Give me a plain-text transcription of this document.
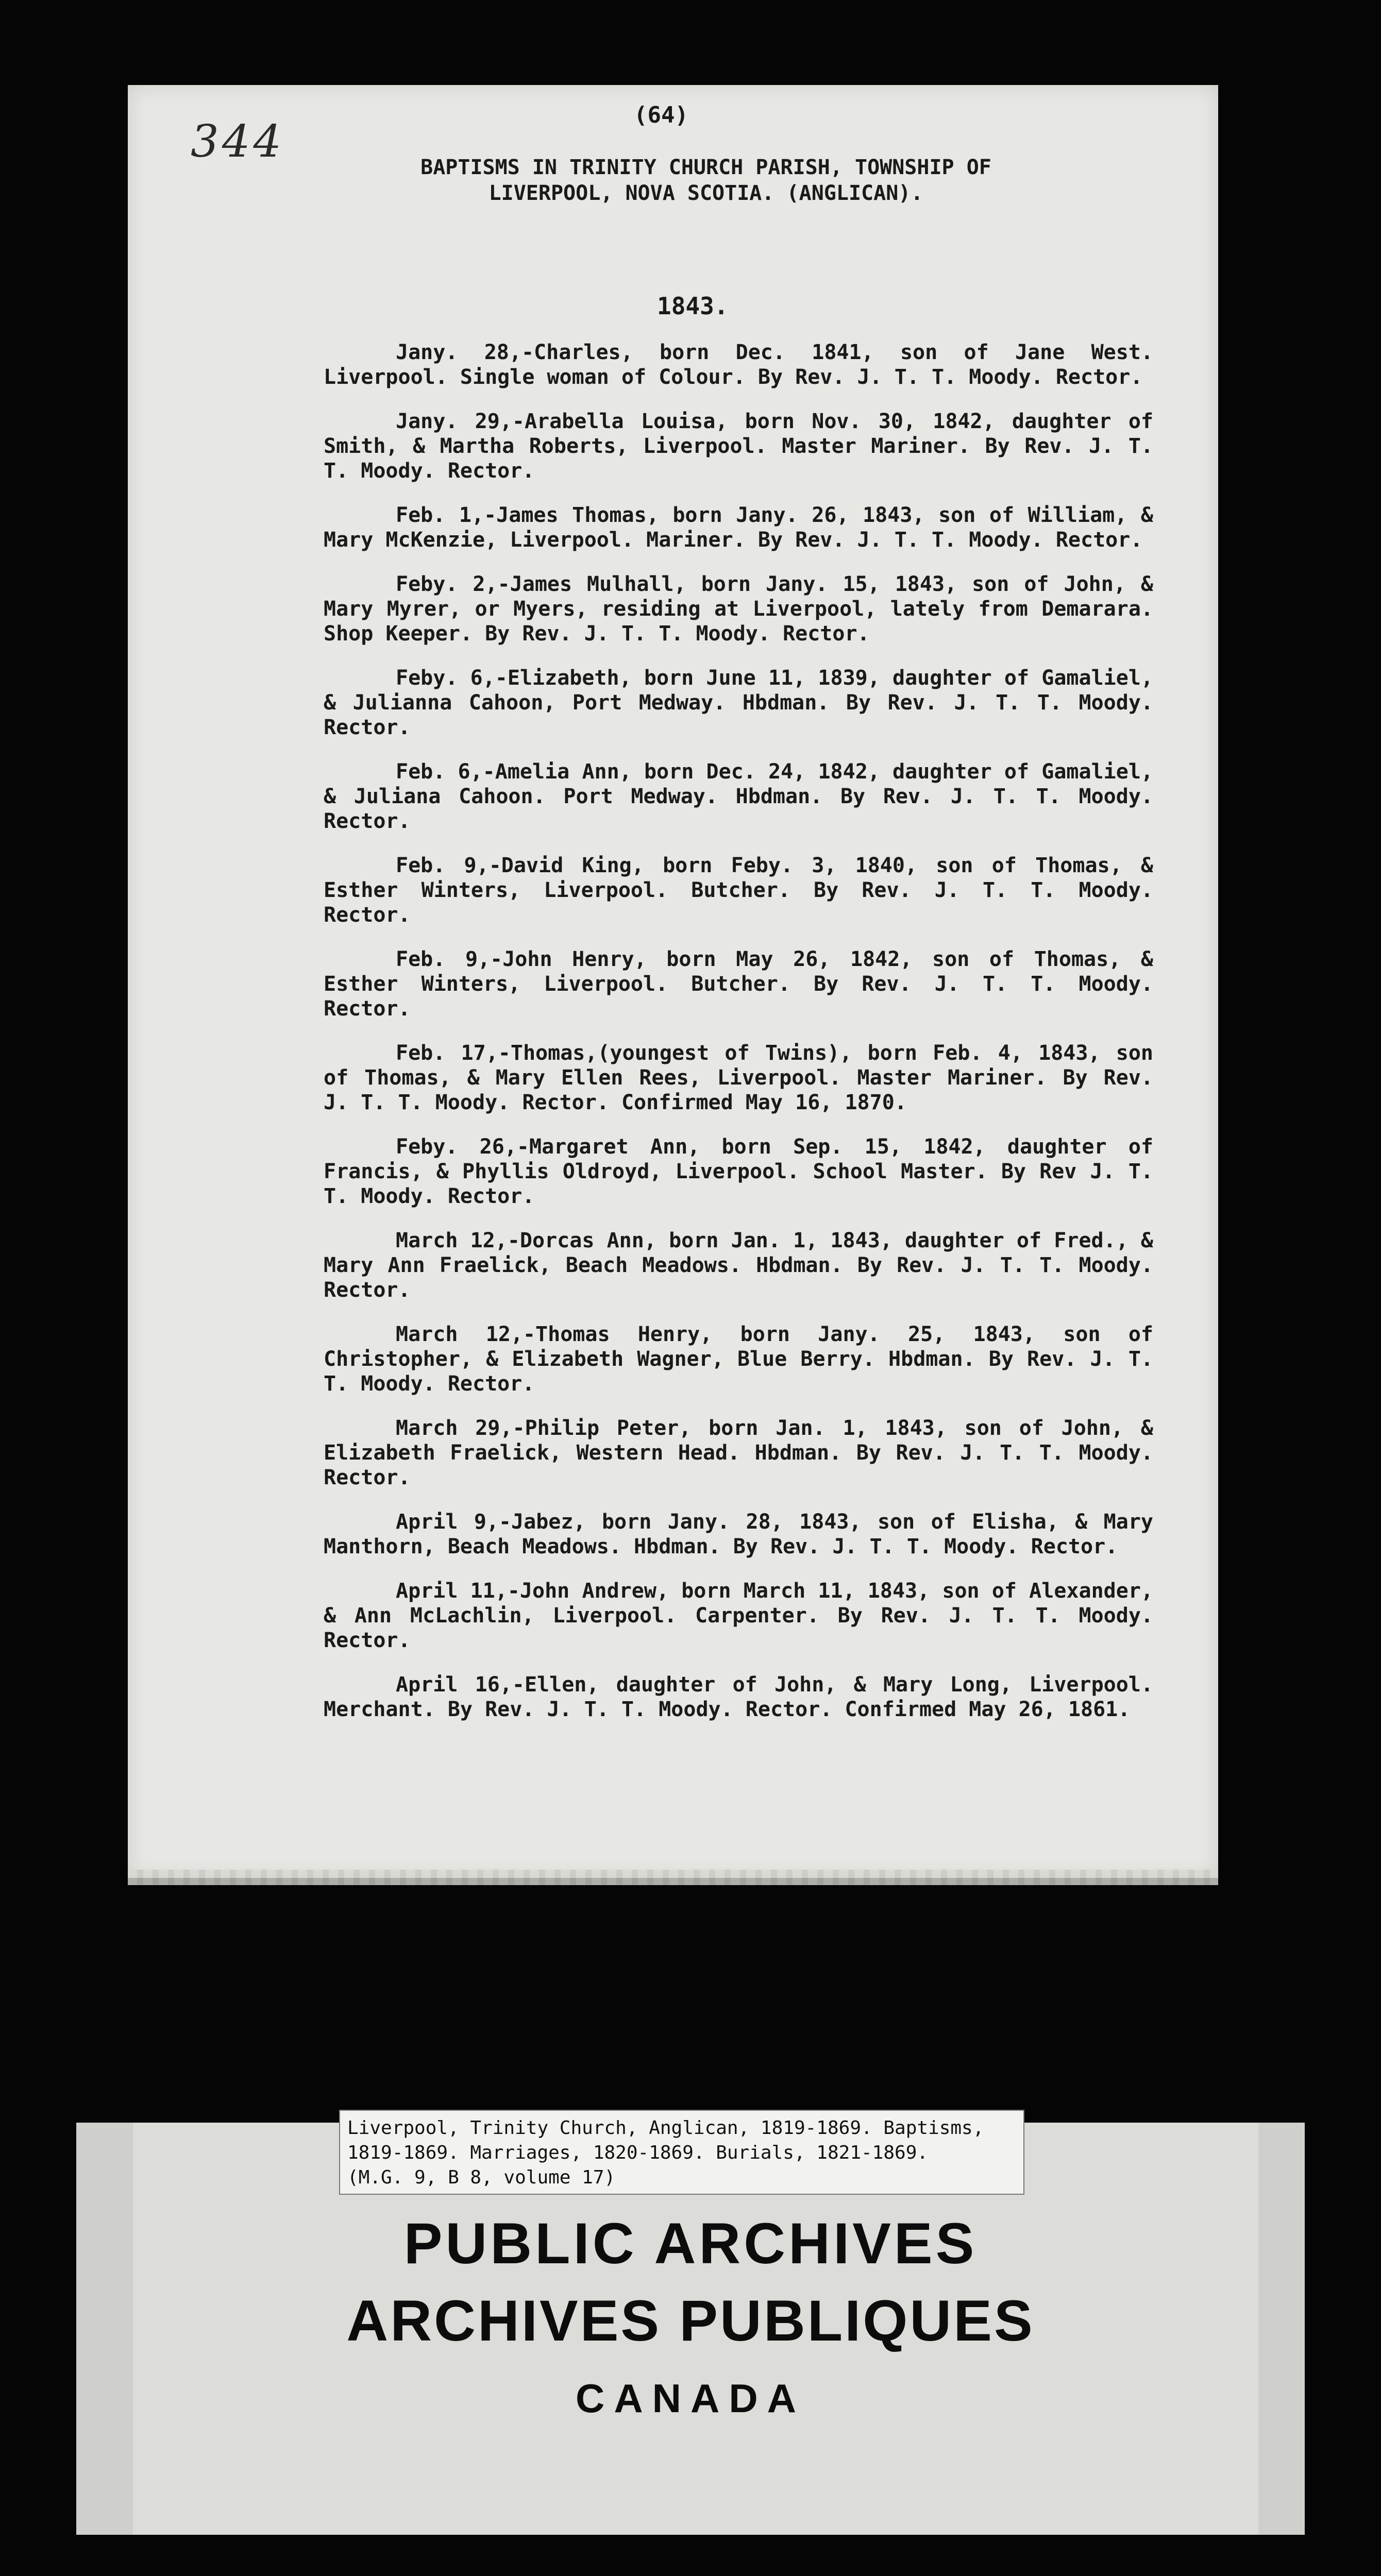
344
(64)
BAPTISMS IN TRINITY CHURCH PARISH, TOWNSHIP OF
LIVERPOOL, NOVA SCOTIA. (ANGLICAN).
1843.

Jany. 28,-Charles, born Dec. 1841, son of Jane West. Liverpool. Single woman of Colour. By Rev. J. T. T. Moody. Rector.

Jany. 29,-Arabella Louisa, born Nov. 30, 1842, daughter of Smith, & Martha Roberts, Liverpool. Master Mariner. By Rev. J. T. T. Moody. Rector.

Feb. 1,-James Thomas, born Jany. 26, 1843, son of William, & Mary McKenzie, Liverpool. Mariner. By Rev. J. T. T. Moody. Rector.

Feby. 2,-James Mulhall, born Jany. 15, 1843, son of John, & Mary Myrer, or Myers, residing at Liverpool, lately from Demarara. Shop Keeper. By Rev. J. T. T. Moody. Rector.

Feby. 6,-Elizabeth, born June 11, 1839, daughter of Gamaliel, & Julianna Cahoon, Port Medway. Hbdman. By Rev. J. T. T. Moody. Rector.

Feb. 6,-Amelia Ann, born Dec. 24, 1842, daughter of Gamaliel, & Juliana Cahoon. Port Medway. Hbdman. By Rev. J. T. T. Moody. Rector.

Feb. 9,-David King, born Feby. 3, 1840, son of Thomas, & Esther Winters, Liverpool. Butcher. By Rev. J. T. T. Moody. Rector.

Feb. 9,-John Henry, born May 26, 1842, son of Thomas, & Esther Winters, Liverpool. Butcher. By Rev. J. T. T. Moody. Rector.

Feb. 17,-Thomas,(youngest of Twins), born Feb. 4, 1843, son of Thomas, & Mary Ellen Rees, Liverpool. Master Mariner. By Rev. J. T. T. Moody. Rector. Confirmed May 16, 1870.

Feby. 26,-Margaret Ann, born Sep. 15, 1842, daughter of Francis, & Phyllis Oldroyd, Liverpool. School Master. By Rev J. T. T. Moody. Rector.

March 12,-Dorcas Ann, born Jan. 1, 1843, daughter of Fred., & Mary Ann Fraelick, Beach Meadows. Hbdman. By Rev. J. T. T. Moody. Rector.

March 12,-Thomas Henry, born Jany. 25, 1843, son of Christopher, & Elizabeth Wagner, Blue Berry. Hbdman. By Rev. J. T. T. Moody. Rector.

March 29,-Philip Peter, born Jan. 1, 1843, son of John, & Elizabeth Fraelick, Western Head. Hbdman. By Rev. J. T. T. Moody. Rector.

April 9,-Jabez, born Jany. 28, 1843, son of Elisha, & Mary Manthorn, Beach Meadows. Hbdman. By Rev. J. T. T. Moody. Rector.

April 11,-John Andrew, born March 11, 1843, son of Alexander, & Ann McLachlin, Liverpool. Carpenter. By Rev. J. T. T. Moody. Rector.

April 16,-Ellen, daughter of John, & Mary Long, Liverpool. Merchant. By Rev. J. T. T. Moody. Rector. Confirmed May 26, 1861.

Liverpool, Trinity Church, Anglican, 1819-1869. Baptisms,
1819-1869. Marriages, 1820-1869. Burials, 1821-1869.
(M.G. 9, B 8, volume 17)
PUBLIC ARCHIVES
ARCHIVES PUBLIQUES
CANADA
